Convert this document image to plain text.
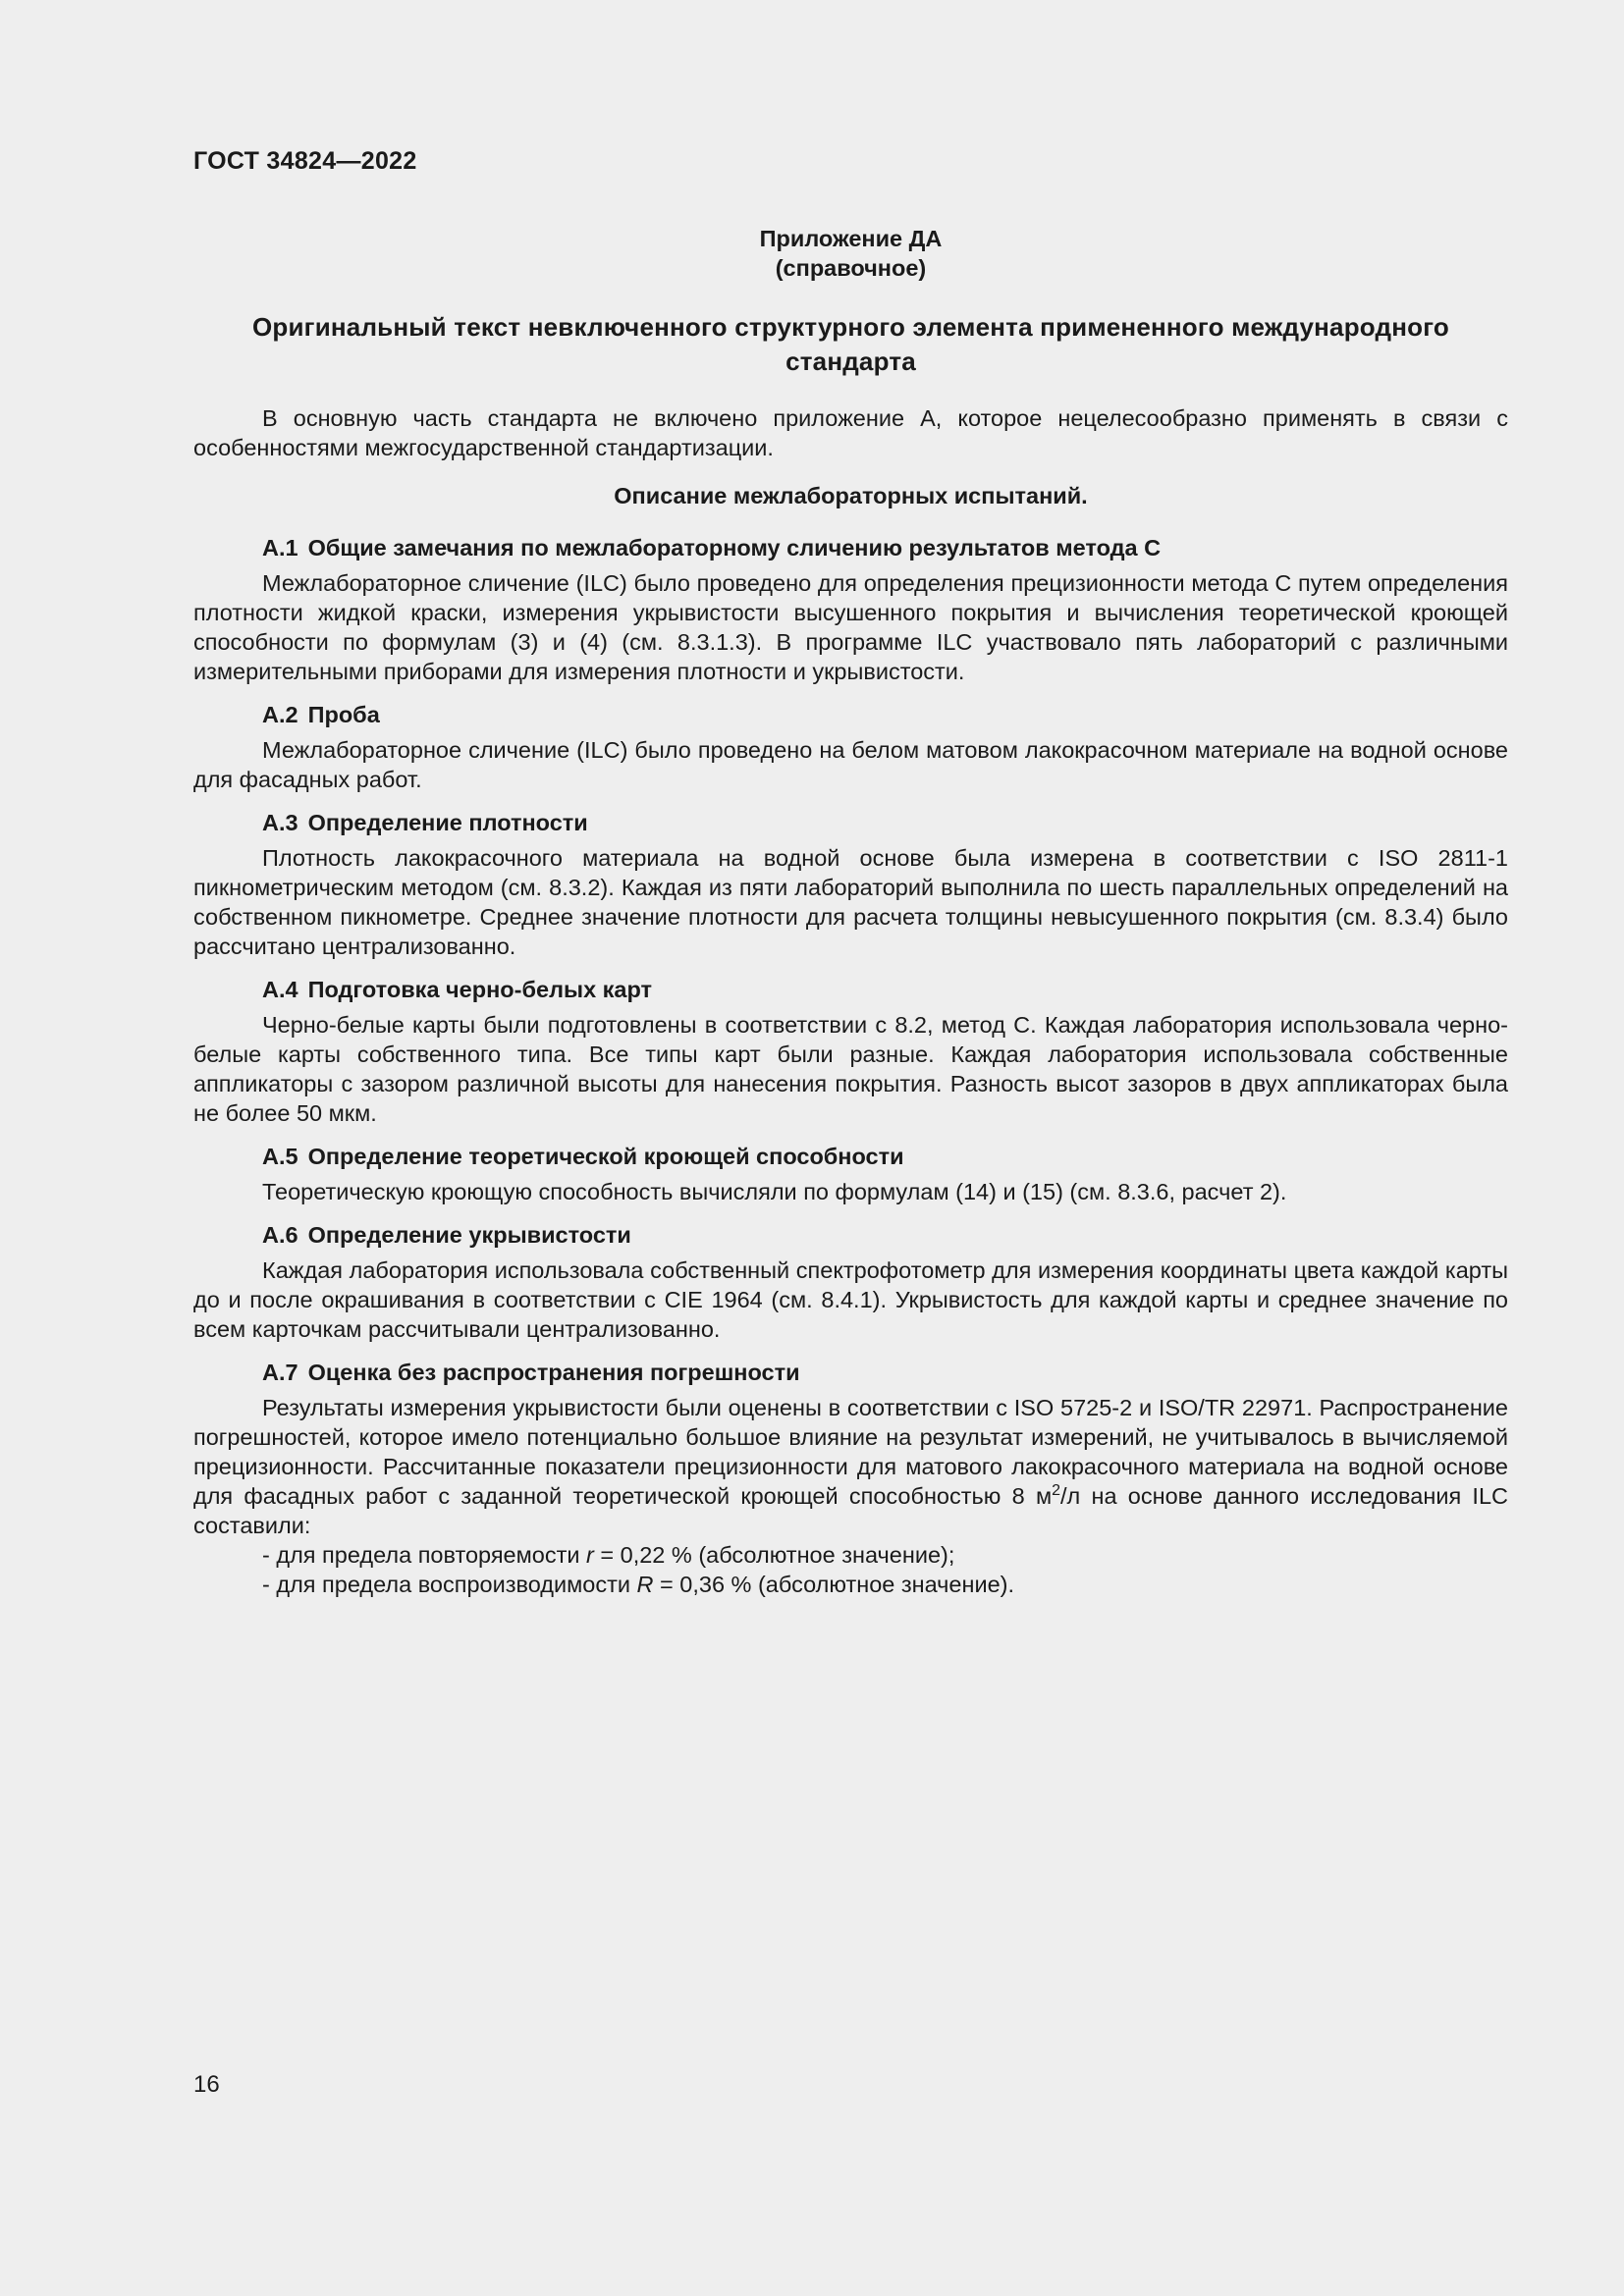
ГОСТ 34824—2022
Приложение ДА
(справочное)
Оригинальный текст невключенного структурного элемента примененного международного стандарта

В основную часть стандарта не включено приложение А, которое нецелесообразно применять в связи с особенностями межгосударственной стандартизации.

Описание межлабораторных испытаний.
А.1 Общие замечания по межлабораторному сличению результатов метода С

Межлабораторное сличение (ILC) было проведено для определения прецизионности метода С путем определения плотности жидкой краски, измерения укрывистости высушенного покрытия и вычисления теоретической кроющей способности по формулам (3) и (4) (см. 8.3.1.3). В программе ILC участвовало пять лабораторий с различными измерительными приборами для измерения плотности и укрывистости.

А.2 Проба

Межлабораторное сличение (ILC) было проведено на белом матовом лакокрасочном материале на водной основе для фасадных работ.

А.3 Определение плотности

Плотность лакокрасочного материала на водной основе была измерена в соответствии с ISO 2811-1 пикнометрическим методом (см. 8.3.2). Каждая из пяти лабораторий выполнила по шесть параллельных определений на собственном пикнометре. Среднее значение плотности для расчета толщины невысушенного покрытия (см. 8.3.4) было рассчитано централизованно.

А.4 Подготовка черно-белых карт

Черно-белые карты были подготовлены в соответствии с 8.2, метод С. Каждая лаборатория использовала черно-белые карты собственного типа. Все типы карт были разные. Каждая лаборатория использовала собственные аппликаторы с зазором различной высоты для нанесения покрытия. Разность высот зазоров в двух аппликаторах была не более 50 мкм.

А.5 Определение теоретической кроющей способности

Теоретическую кроющую способность вычисляли по формулам (14) и (15) (см. 8.3.6, расчет 2).

А.6 Определение укрывистости

Каждая лаборатория использовала собственный спектрофотометр для измерения координаты цвета каждой карты до и после окрашивания в соответствии с CIE 1964 (см. 8.4.1). Укрывистость для каждой карты и среднее значение по всем карточкам рассчитывали централизованно.

А.7 Оценка без распространения погрешности

Результаты измерения укрывистости были оценены в соответствии с ISO 5725-2 и ISO/TR 22971. Распространение погрешностей, которое имело потенциально большое влияние на результат измерений, не учитывалось в вычисляемой прецизионности. Рассчитанные показатели прецизионности для матового лакокрасочного материала на водной основе для фасадных работ с заданной теоретической кроющей способностью 8 $м^2/л$ на основе данного исследования ILC составили:

- для предела повторяемости r = 0,22 % (абсолютное значение);
- для предела воспроизводимости R = 0,36 % (абсолютное значение).
16
